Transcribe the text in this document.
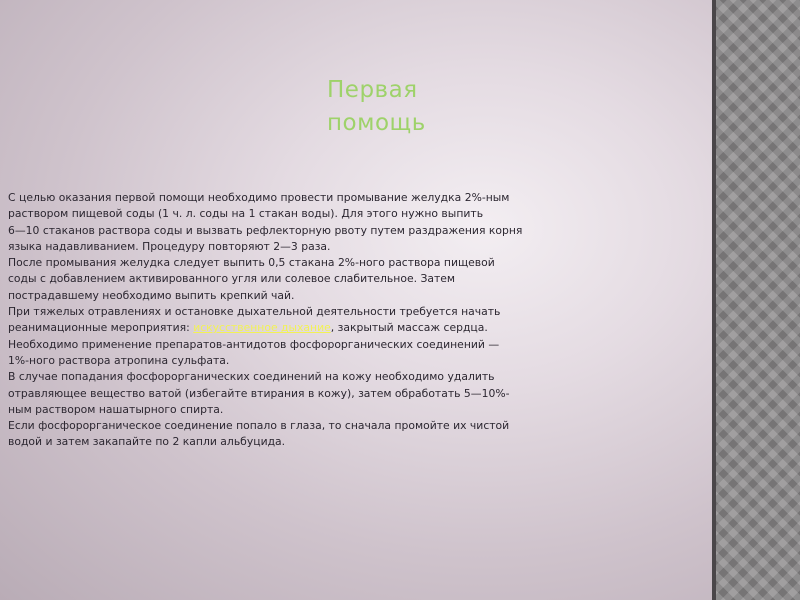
Первая
помощь
С целью оказания первой помощи необходимо провести промывание желудка 2%-ным
раствором пищевой соды (1 ч. л. соды на 1 стакан воды). Для этого нужно выпить
6—10 стаканов раствора соды и вызвать рефлекторную рвоту путем раздражения корня
языка надавливанием. Процедуру повторяют 2—3 раза.
После промывания желудка следует выпить 0,5 стакана 2%-ного раствора пищевой
соды с добавлением активированного угля или солевое слабительное. Затем
пострадавшему необходимо выпить крепкий чай.
При тяжелых отравлениях и остановке дыхательной деятельности требуется начать
реанимационные мероприятия: искусственное дыхание, закрытый массаж сердца.
Необходимо применение препаратов-антидотов фосфорорганических соединений —
1%-ного раствора атропина сульфата.
В случае попадания фосфорорганических соединений на кожу необходимо удалить
отравляющее вещество ватой (избегайте втирания в кожу), затем обработать 5—10%-
ным раствором нашатырного спирта.
Если фосфорорганическое соединение попало в глаза, то сначала промойте их чистой
водой и затем закапайте по 2 капли альбуцида.
